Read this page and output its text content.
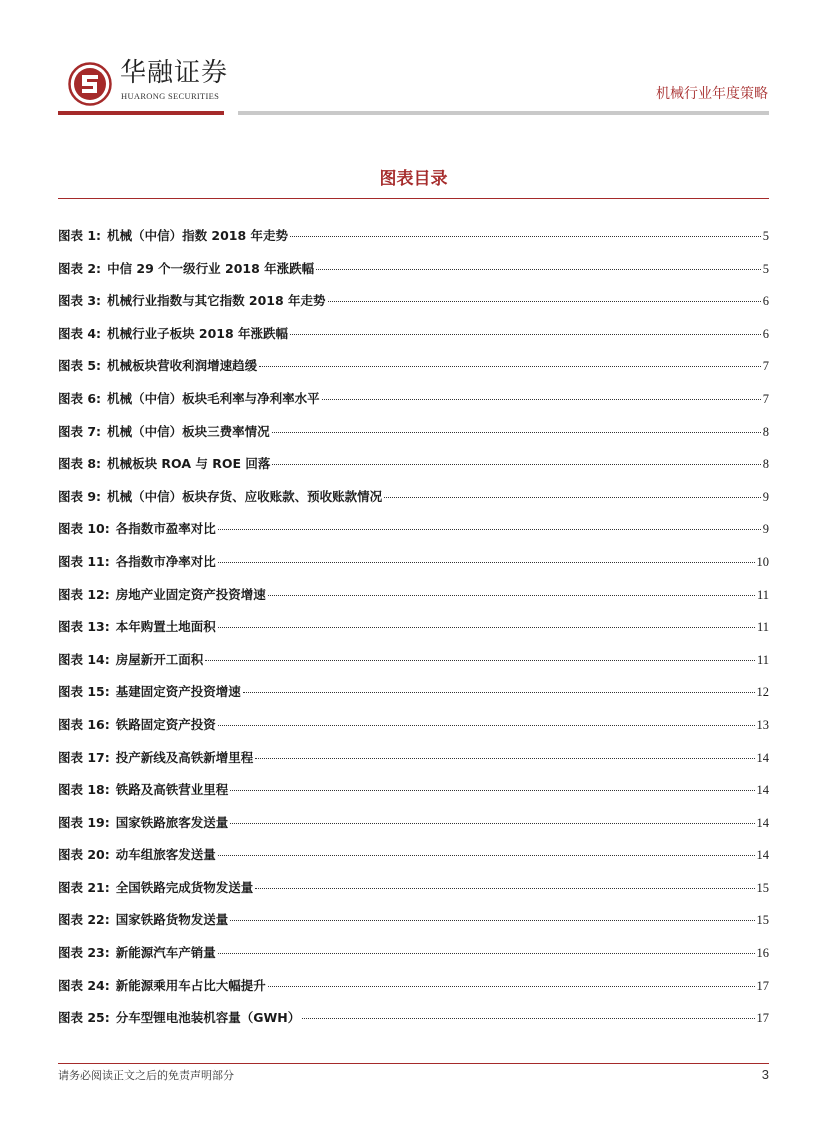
华融证券
HUARONG SECURITIES	机械行业年度策略
图表目录
图表 1: 机械（中信）指数 2018 年走势	5
图表 2: 中信 29 个一级行业 2018 年涨跌幅	5
图表 3: 机械行业指数与其它指数 2018 年走势	6
图表 4: 机械行业子板块 2018 年涨跌幅	6
图表 5: 机械板块营收利润增速趋缓	7
图表 6: 机械（中信）板块毛利率与净利率水平	7
图表 7: 机械（中信）板块三费率情况	8
图表 8: 机械板块 ROA 与 ROE 回落	8
图表 9: 机械（中信）板块存货、应收账款、预收账款情况	9
图表 10: 各指数市盈率对比	9
图表 11: 各指数市净率对比	10
图表 12: 房地产业固定资产投资增速	11
图表 13: 本年购置土地面积	11
图表 14: 房屋新开工面积	11
图表 15: 基建固定资产投资增速	12
图表 16: 铁路固定资产投资	13
图表 17: 投产新线及高铁新增里程	14
图表 18: 铁路及高铁营业里程	14
图表 19: 国家铁路旅客发送量	14
图表 20: 动车组旅客发送量	14
图表 21: 全国铁路完成货物发送量	15
图表 22: 国家铁路货物发送量	15
图表 23: 新能源汽车产销量	16
图表 24: 新能源乘用车占比大幅提升	17
图表 25: 分车型锂电池装机容量（GWH）	17
请务必阅读正文之后的免责声明部分	3
